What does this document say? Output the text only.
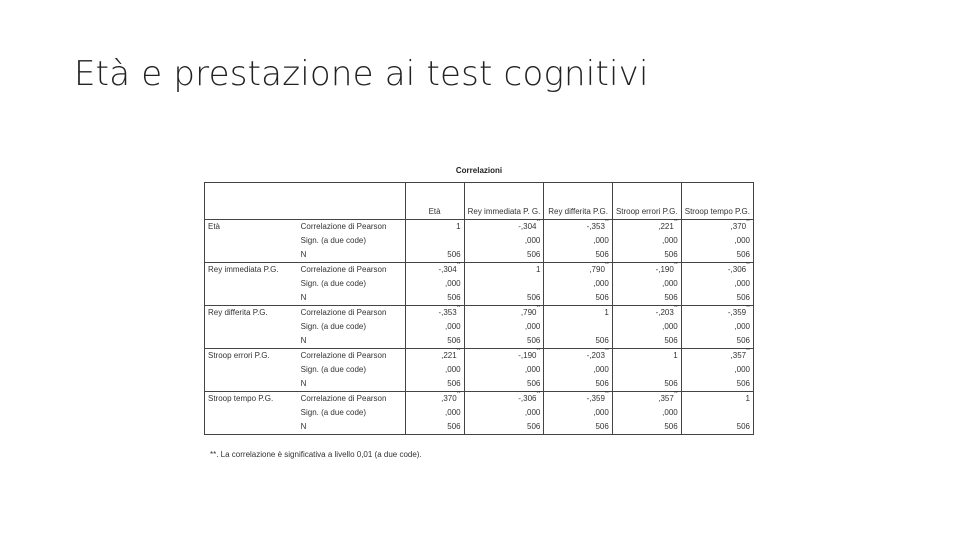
Età e prestazione ai test cognitivi
Correlazioni
		Età	Rey immediata P. G.	Rey differita P.G.	Stroop errori P.G.	Stroop tempo P.G.
Età	Correlazione di Pearson	1	-,304**	-,353**	,221**	,370**
	Sign. (a due code)		,000	,000	,000	,000
	N	506	506	506	506	506
Rey immediata P.G.	Correlazione di Pearson	-,304**	1	,790**	-,190**	-,306**
	Sign. (a due code)	,000		,000	,000	,000
	N	506	506	506	506	506
Rey differita P.G.	Correlazione di Pearson	-,353**	,790**	1	-,203**	-,359**
	Sign. (a due code)	,000	,000		,000	,000
	N	506	506	506	506	506
Stroop errori P.G.	Correlazione di Pearson	,221**	-,190**	-,203**	1	,357**
	Sign. (a due code)	,000	,000	,000		,000
	N	506	506	506	506	506
Stroop tempo P.G.	Correlazione di Pearson	,370**	-,306**	-,359**	,357**	1
	Sign. (a due code)	,000	,000	,000	,000	
	N	506	506	506	506	506
**. La correlazione è significativa a livello 0,01 (a due code).
